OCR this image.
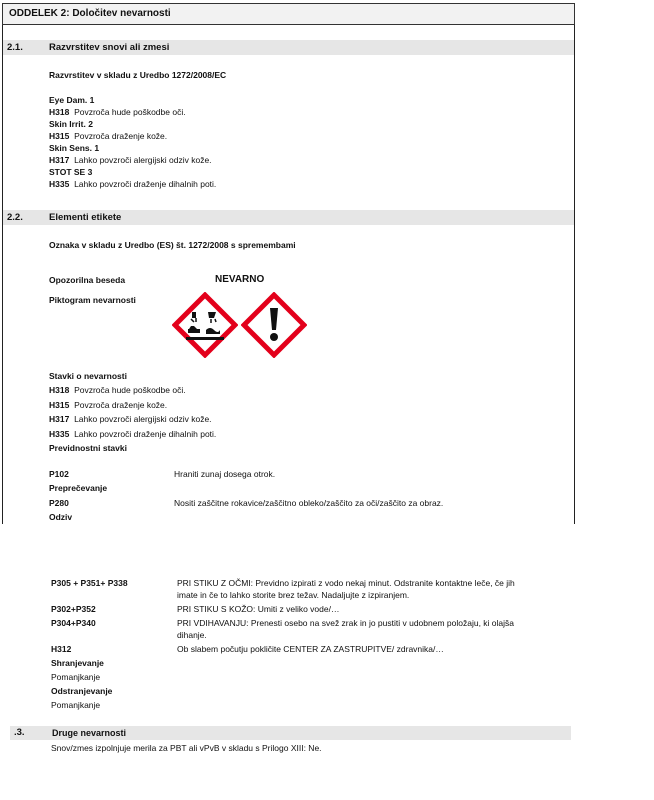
ODDELEK 2: Določitev nevarnosti
2.1.	Razvrstitev snovi ali zmesi
Razvrstitev v skladu z Uredbo 1272/2008/EC
Eye Dam. 1
H318 Povzroča hude poškodbe oči.
Skin Irrit. 2
H315 Povzroča draženje kože.
Skin Sens. 1
H317 Lahko povzroči alergijski odziv kože.
STOT SE 3
H335 Lahko povzroči draženje dihalnih poti.
2.2.	Elementi etikete
Oznaka v skladu z Uredbo (ES) št. 1272/2008 s spremembami
Opozorilna beseda	NEVARNO
Piktogram nevarnosti
Stavki o nevarnosti
H318 Povzroča hude poškodbe oči.
H315 Povzroča draženje kože.
H317 Lahko povzroči alergijski odziv kože.
H335 Lahko povzroči draženje dihalnih poti.
Previdnostni stavki
P102	Hraniti zunaj dosega otrok.
Preprečevanje
P280	Nositi zaščitne rokavice/zaščitno obleko/zaščito za oči/zaščito za obraz.
Odziv
P305 + P351+ P338	PRI STIKU Z OČMI: Previdno izpirati z vodo nekaj minut. Odstranite kontaktne leče, če jih
imate in če to lahko storite brez težav. Nadaljujte z izpiranjem.
P302+P352	PRI STIKU S KOŽO: Umiti z veliko vode/…
P304+P340	PRI VDIHAVANJU: Prenesti osebo na svež zrak in jo pustiti v udobnem položaju, ki olajša
dihanje.
H312	Ob slabem počutju pokličite CENTER ZA ZASTRUPITVE/ zdravnika/…
Shranjevanje
Pomanjkanje
Odstranjevanje
Pomanjkanje
.3.	Druge nevarnosti
Snov/zmes izpolnjuje merila za PBT ali vPvB v skladu s Prilogo XIII: Ne.
